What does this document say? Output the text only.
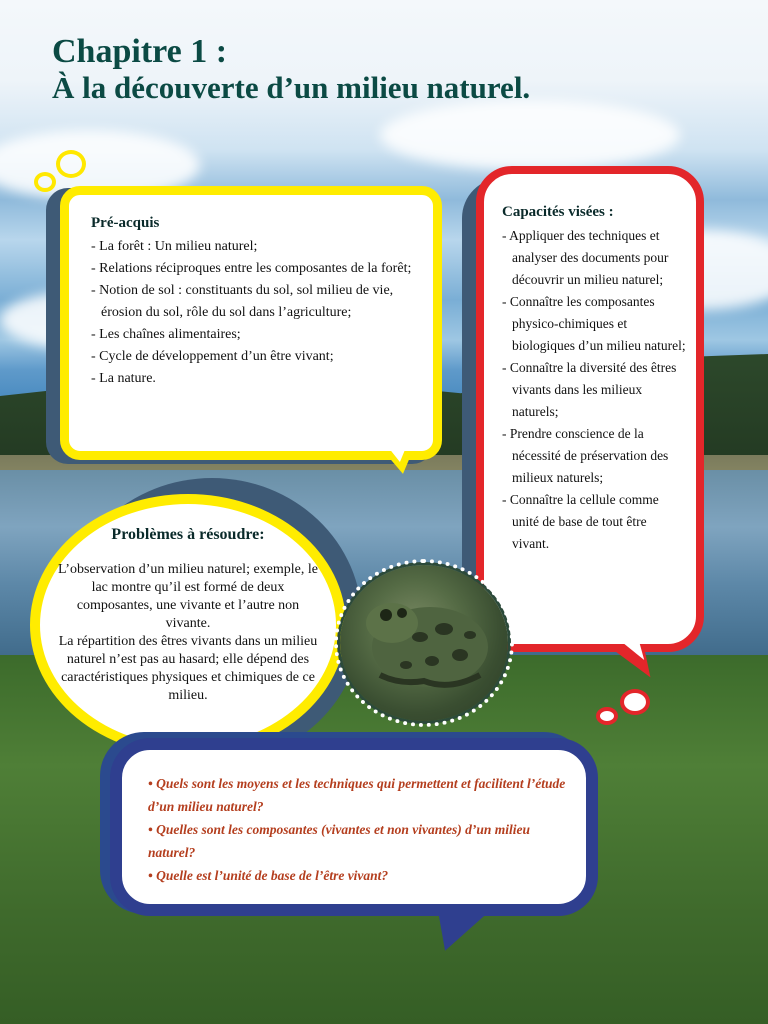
Chapitre 1 :
À la découverte d’un milieu naturel.
Pré-acquis
- La forêt : Un milieu naturel;
- Relations réciproques entre les composantes de la forêt;
- Notion de sol : constituants du sol, sol milieu de vie, érosion du sol, rôle du sol dans l’agriculture;
- Les chaînes alimentaires;
- Cycle de développement d’un être vivant;
- La nature.
Capacités visées :
- Appliquer des techniques et analyser des documents pour découvrir un milieu naturel;
- Connaître les composantes physico-chimiques et biologiques d’un milieu naturel;
- Connaître la diversité des êtres vivants dans les milieux naturels;
- Prendre conscience de la nécessité de préservation des milieux naturels;
- Connaître la cellule comme unité de base de tout être vivant.
Problèmes à résoudre:

L’observation d’un milieu naturel; exemple, le lac montre qu’il est formé de deux composantes, une vivante et l’autre non vivante.

La répartition des êtres vivants dans un milieu naturel n’est pas au hasard; elle dépend des caractéristiques physiques et chimiques de ce milieu.

• Quels sont les moyens et les techniques qui permettent et facilitent l’étude d’un milieu naturel?
• Quelles sont les composantes (vivantes et non vivantes) d’un milieu naturel?
• Quelle est l’unité de base de l’être vivant?
